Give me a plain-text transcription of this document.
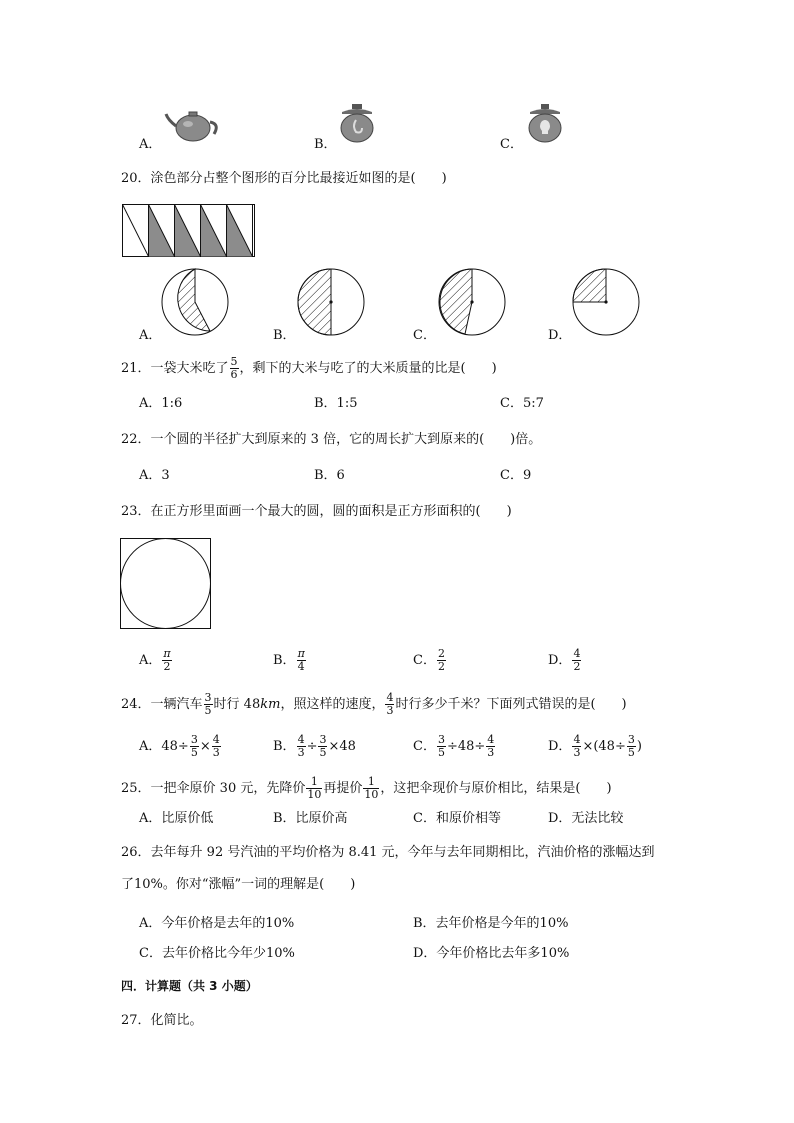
A．	B．	C．
20．涂色部分占整个图形的百分比最接近如图的是(　　)
A．	B．	C．	D．
21．一袋大米吃了 $\frac{5}{6}$ ，剩下的大米与吃了的大米质量的比是(　　)
A．1:6	B．1:5	C．5:7
22．一个圆的半径扩大到原来的 3 倍，它的周长扩大到原来的(　　)倍。
A．3	B．6	C．9
23．在正方形里面画一个最大的圆，圆的面积是正方形面积的(　　)
A． $\frac{\pi}{2}$	B． $\frac{\pi}{4}$	C． $\frac{2}{2}$	D． $\frac{4}{2}$
24．一辆汽车 $\frac{3}{5}$ 时行 48km，照这样的速度， $\frac{4}{3}$ 时行多少千米？下面列式错误的是(　　)
A．$48\div \frac{3}{5} \times \frac{4}{3}$	B． $\frac{4}{3} \div \frac{3}{5} \times 48$	C． $\frac{3}{5} \div 48\div \frac{4}{3}$	D． $\frac{4}{3} \times(48\div \frac{3}{5}$ )
25．一把伞原价 30 元，先降价 $\frac{1}{10}$ 再提价 $\frac{1}{10}$ ，这把伞现价与原价相比，结果是(　　)
A．比原价低	B．比原价高	C．和原价相等	D．无法比较
26．去年每升 92 号汽油的平均价格为 8.41 元，今年与去年同期相比，汽油价格的涨幅达到
了10%。你对“涨幅”一词的理解是(　　)
A．今年价格是去年的10%	B．去年价格是今年的10%
C．去年价格比今年少10%	D．今年价格比去年多10%
四．计算题（共 3 小题）
27．化简比。
